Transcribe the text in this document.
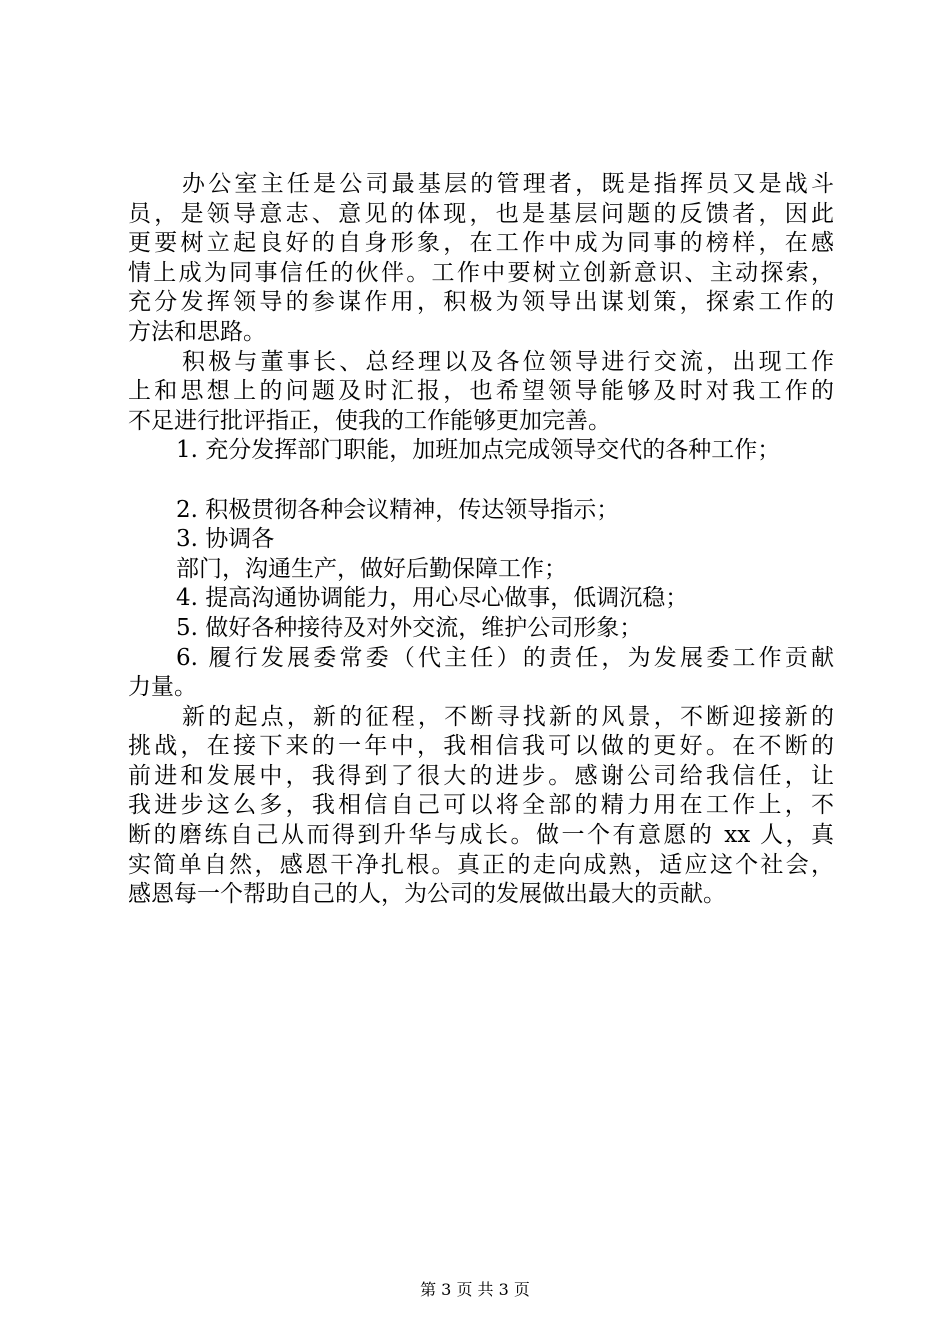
办公室主任是公司最基层的管理者，既是指挥员又是战斗
员，是领导意志、意见的体现，也是基层问题的反馈者，因此
更要树立起良好的自身形象，在工作中成为同事的榜样，在感
情上成为同事信任的伙伴。工作中要树立创新意识、主动探索，
充分发挥领导的参谋作用，积极为领导出谋划策，探索工作的
方法和思路。
积极与董事长、总经理以及各位领导进行交流，出现工作
上和思想上的问题及时汇报，也希望领导能够及时对我工作的
不足进行批评指正，使我的工作能够更加完善。
1. 充分发挥部门职能，加班加点完成领导交代的各种工作；
2. 积极贯彻各种会议精神，传达领导指示；
3. 协调各
部门，沟通生产，做好后勤保障工作；
4. 提高沟通协调能力，用心尽心做事，低调沉稳；
5. 做好各种接待及对外交流，维护公司形象；
6. 履行发展委常委（代主任）的责任，为发展委工作贡献
力量。
新的起点，新的征程，不断寻找新的风景，不断迎接新的
挑战，在接下来的一年中，我相信我可以做的更好。在不断的
前进和发展中，我得到了很大的进步。感谢公司给我信任，让
我进步这么多，我相信自己可以将全部的精力用在工作上，不
断的磨练自己从而得到升华与成长。做一个有意愿的 xx 人，真
实简单自然，感恩干净扎根。真正的走向成熟，适应这个社会，
感恩每一个帮助自己的人，为公司的发展做出最大的贡献。
第 3 页 共 3 页
